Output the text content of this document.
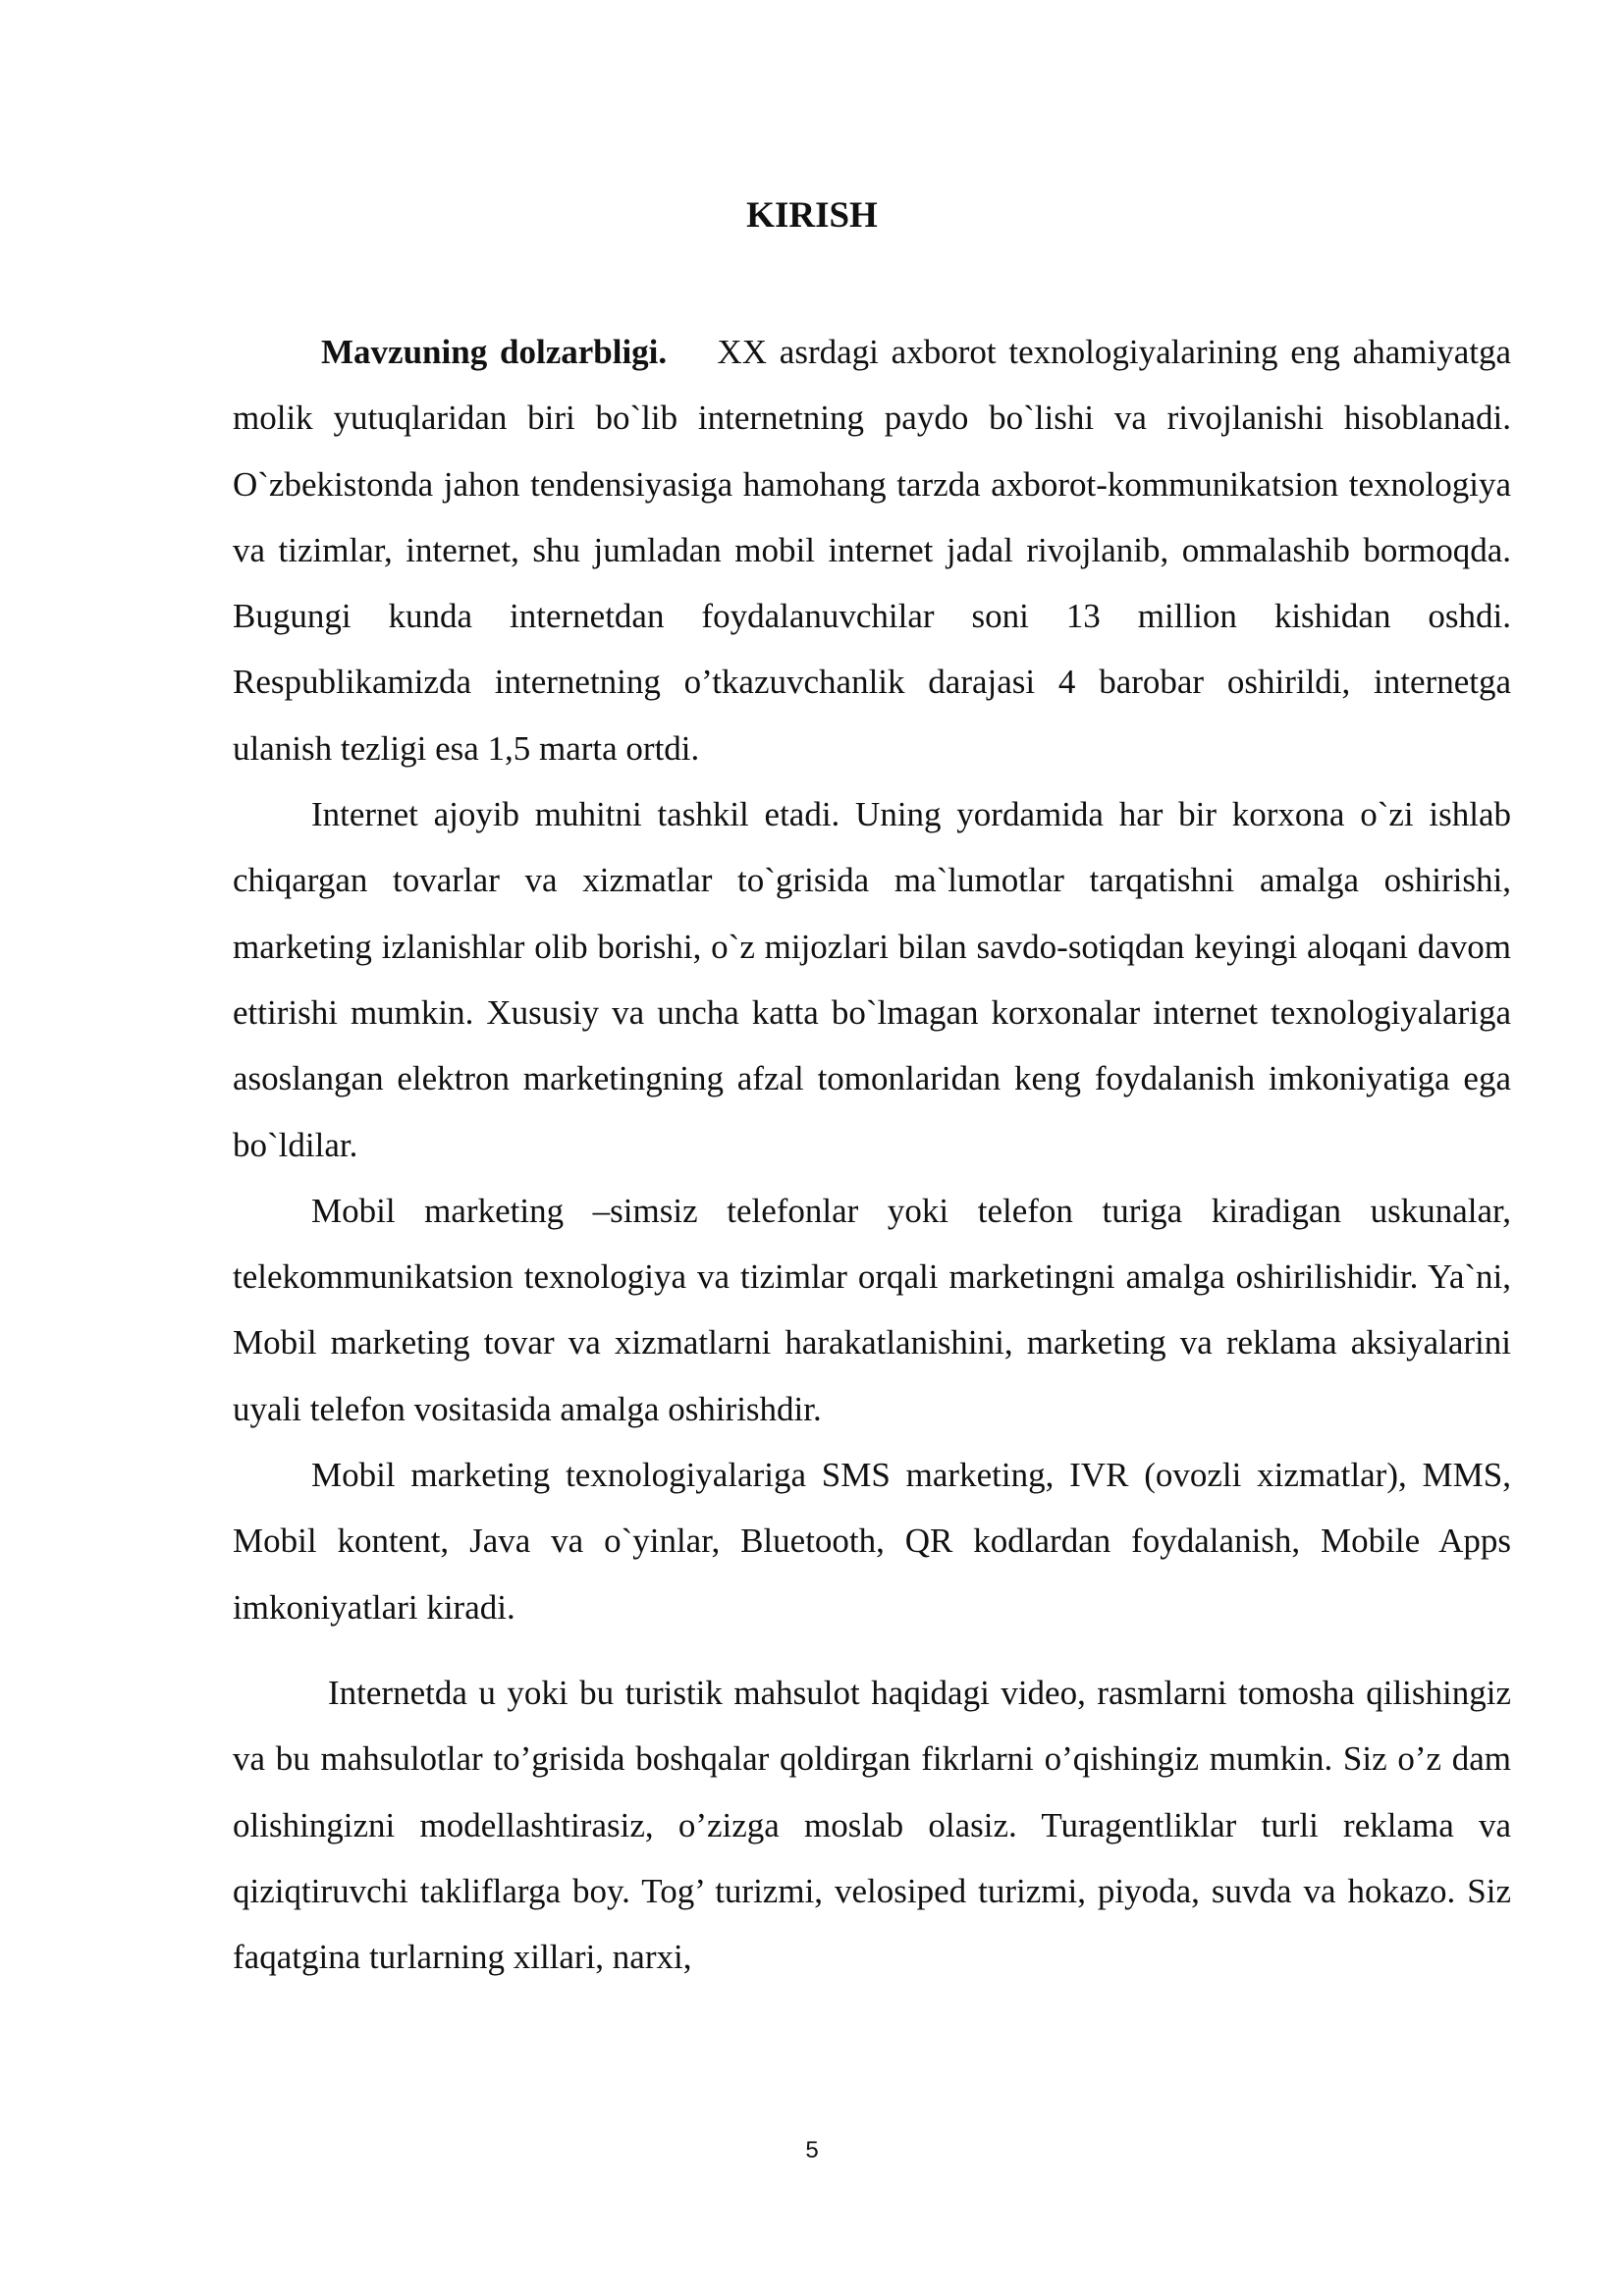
KIRISH

Mavzuning dolzarbligi. XX asrdagi axborot texnologiyalarining eng ahamiyatga molik yutuqlaridan biri bo`lib internetning paydo bo`lishi va rivojlanishi hisoblanadi. O`zbekistonda jahon tendensiyasiga hamohang tarzda axborot-kommunikatsion texnologiya va tizimlar, internet, shu jumladan mobil internet jadal rivojlanib, ommalashib bormoqda. Bugungi kunda internetdan foydalanuvchilar soni 13 million kishidan oshdi. Respublikamizda internetning o’tkazuvchanlik darajasi 4 barobar oshirildi, internetga ulanish tezligi esa 1,5 marta ortdi.

Internet ajoyib muhitni tashkil etadi. Uning yordamida har bir korxona o`zi ishlab chiqargan tovarlar va xizmatlar to`grisida ma`lumotlar tarqatishni amalga oshirishi, marketing izlanishlar olib borishi, o`z mijozlari bilan savdo-sotiqdan keyingi aloqani davom ettirishi mumkin. Xususiy va uncha katta bo`lmagan korxonalar internet texnologiyalariga asoslangan elektron marketingning afzal tomonlaridan keng foydalanish imkoniyatiga ega bo`ldilar.

Mobil marketing –simsiz telefonlar yoki telefon turiga kiradigan uskunalar, telekommunikatsion texnologiya va tizimlar orqali marketingni amalga oshirilishidir. Ya`ni, Mobil marketing tovar va xizmatlarni harakatlanishini, marketing va reklama aksiyalarini uyali telefon vositasida amalga oshirishdir.

Mobil marketing texnologiyalariga SMS marketing, IVR (ovozli xizmatlar), MMS, Mobil kontent, Java va o`yinlar, Bluetooth, QR kodlardan foydalanish, Mobile Apps imkoniyatlari kiradi.

Internetda u yoki bu turistik mahsulot haqidagi video, rasmlarni tomosha qilishingiz va bu mahsulotlar to’grisida boshqalar qoldirgan fikrlarni o’qishingiz mumkin. Siz o’z dam olishingizni modellashtirasiz, o’zizga moslab olasiz. Turagentliklar turli reklama va qiziqtiruvchi takliflarga boy. Tog’ turizmi, velosiped turizmi, piyoda, suvda va hokazo. Siz faqatgina turlarning xillari, narxi,

5
